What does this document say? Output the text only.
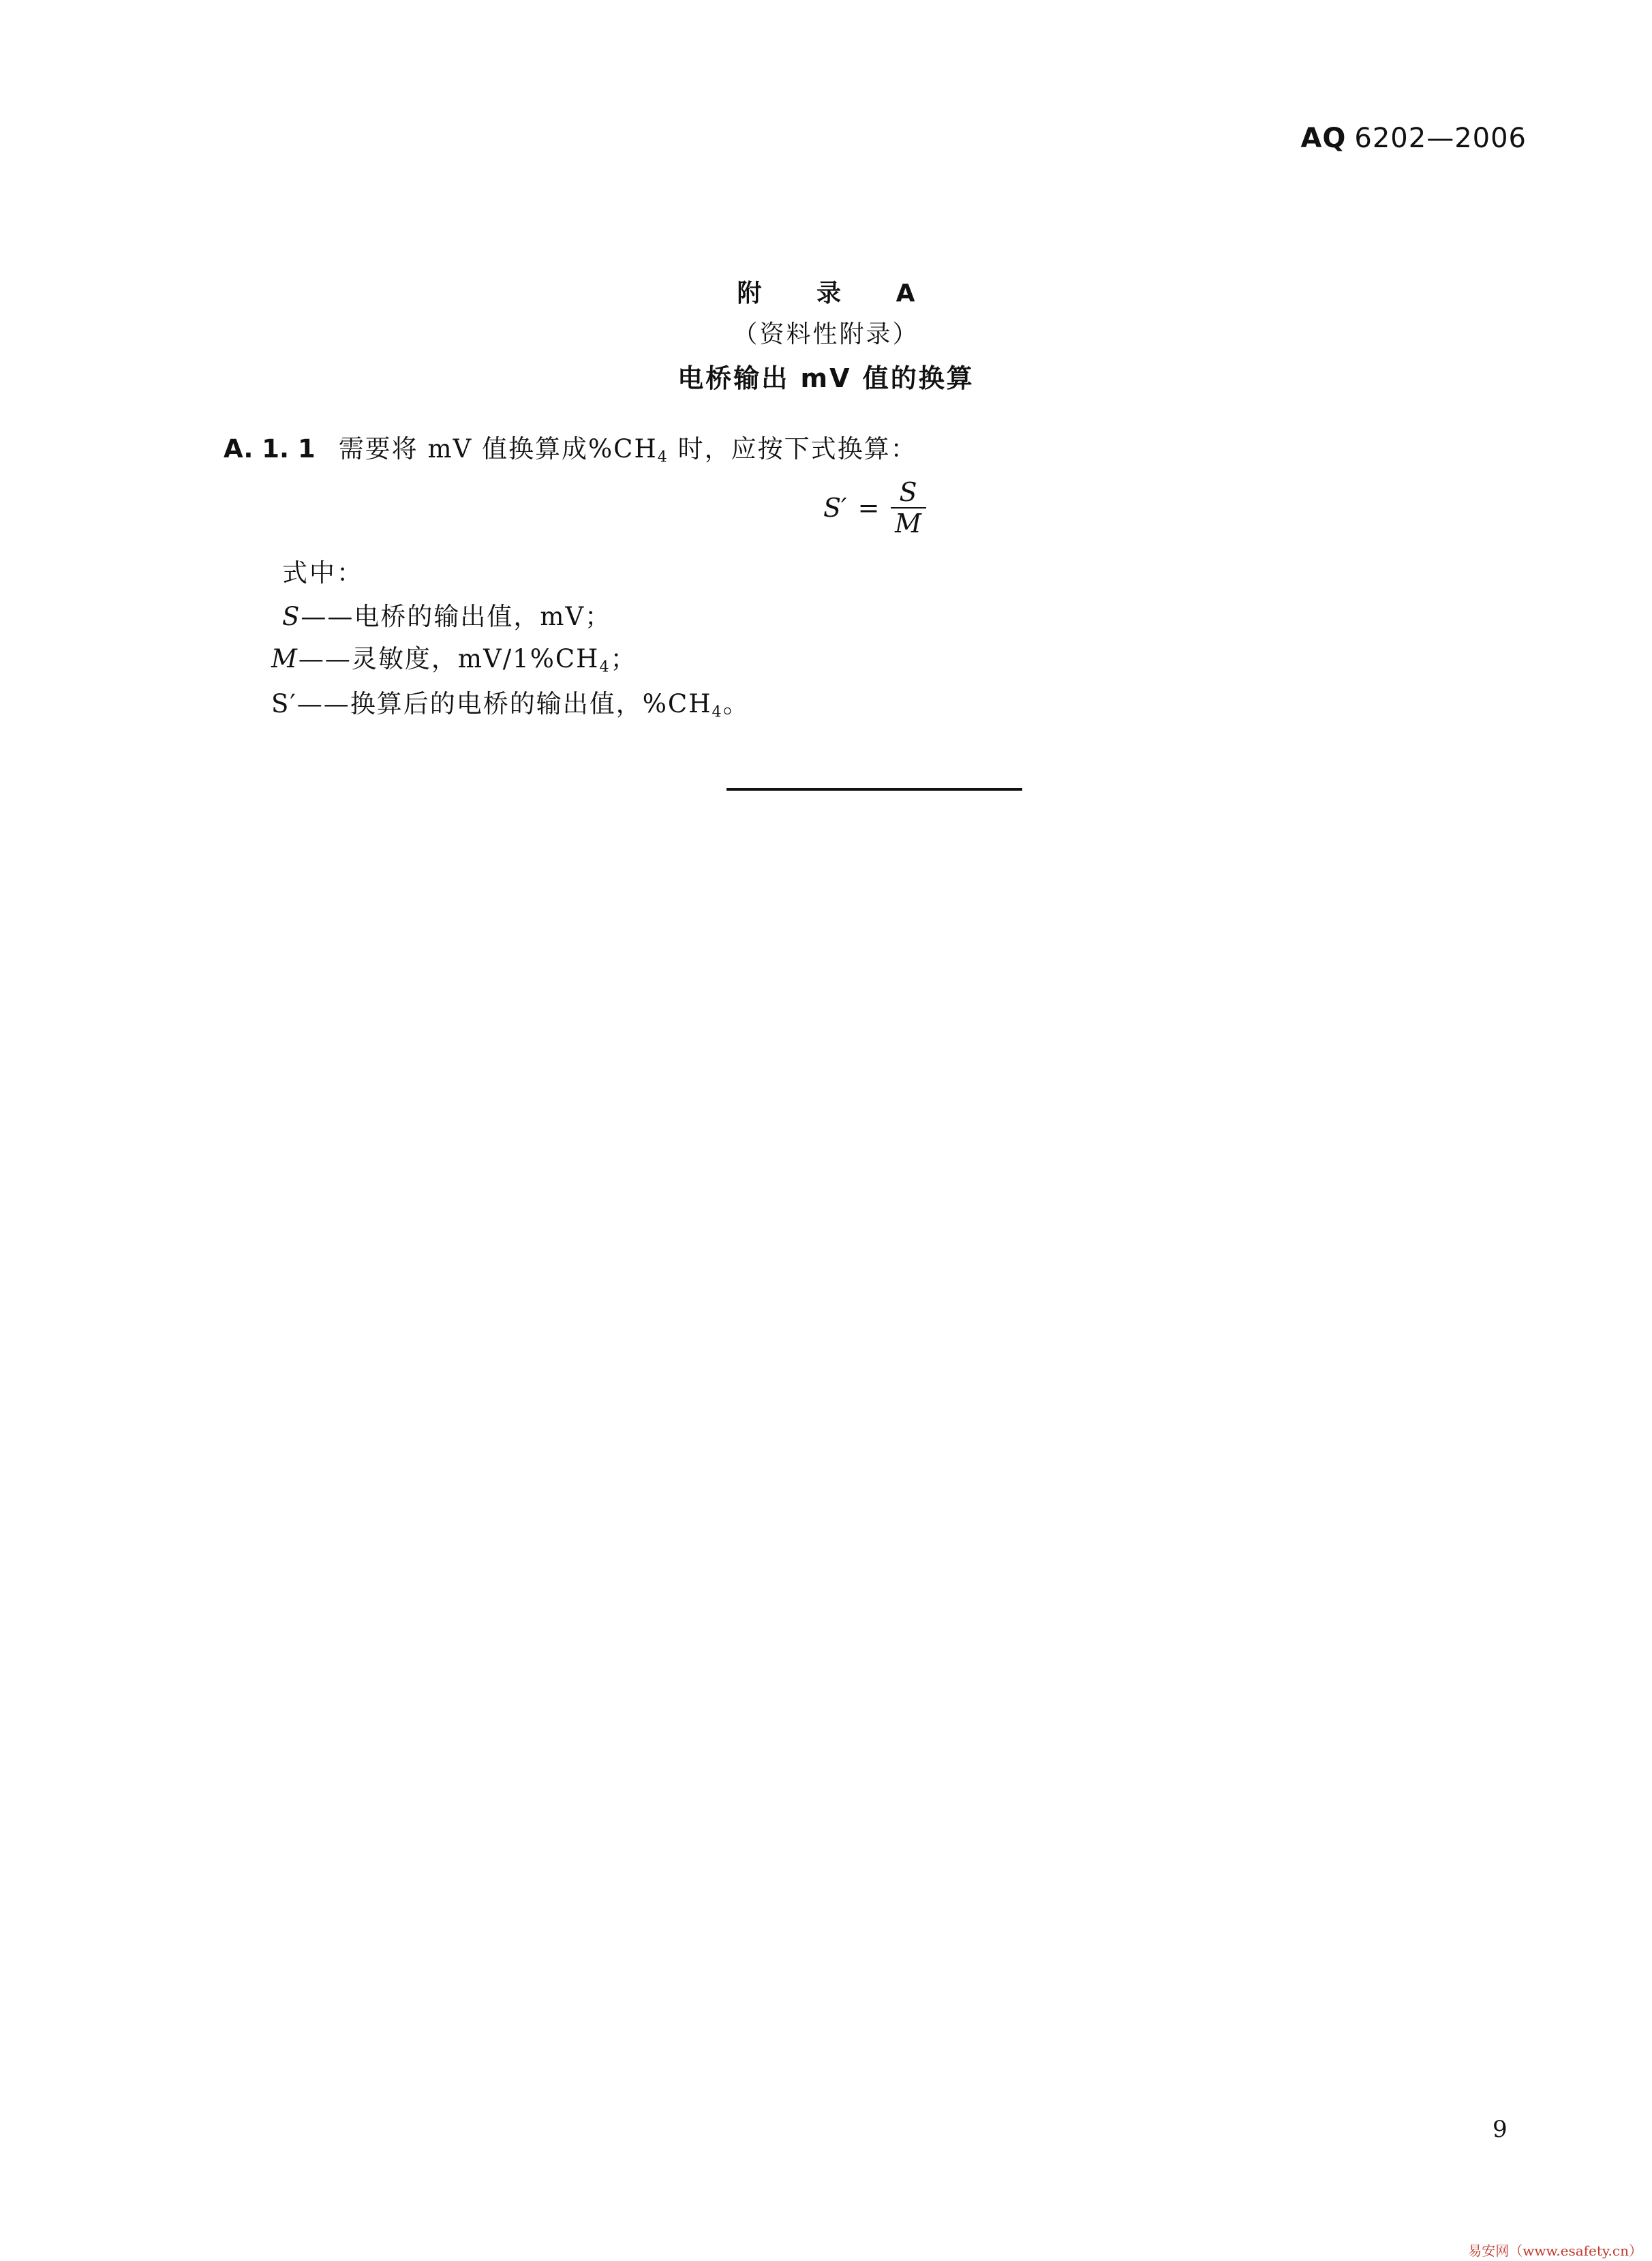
AQ 6202—2006
附 录 A
（资料性附录）
电桥输出 mV 值的换算
A. 1. 1 需要将 mV 值换算成$\%CH_4$ 时，应按下式换算：
$S' = \frac{S}{M}$
式中：
S——电桥的输出值，mV；
M——灵敏度，$mV/1\%CH_4$；
S′——换算后的电桥的输出值，$\%CH_4$。
9
易安网（www.esafety.cn）
